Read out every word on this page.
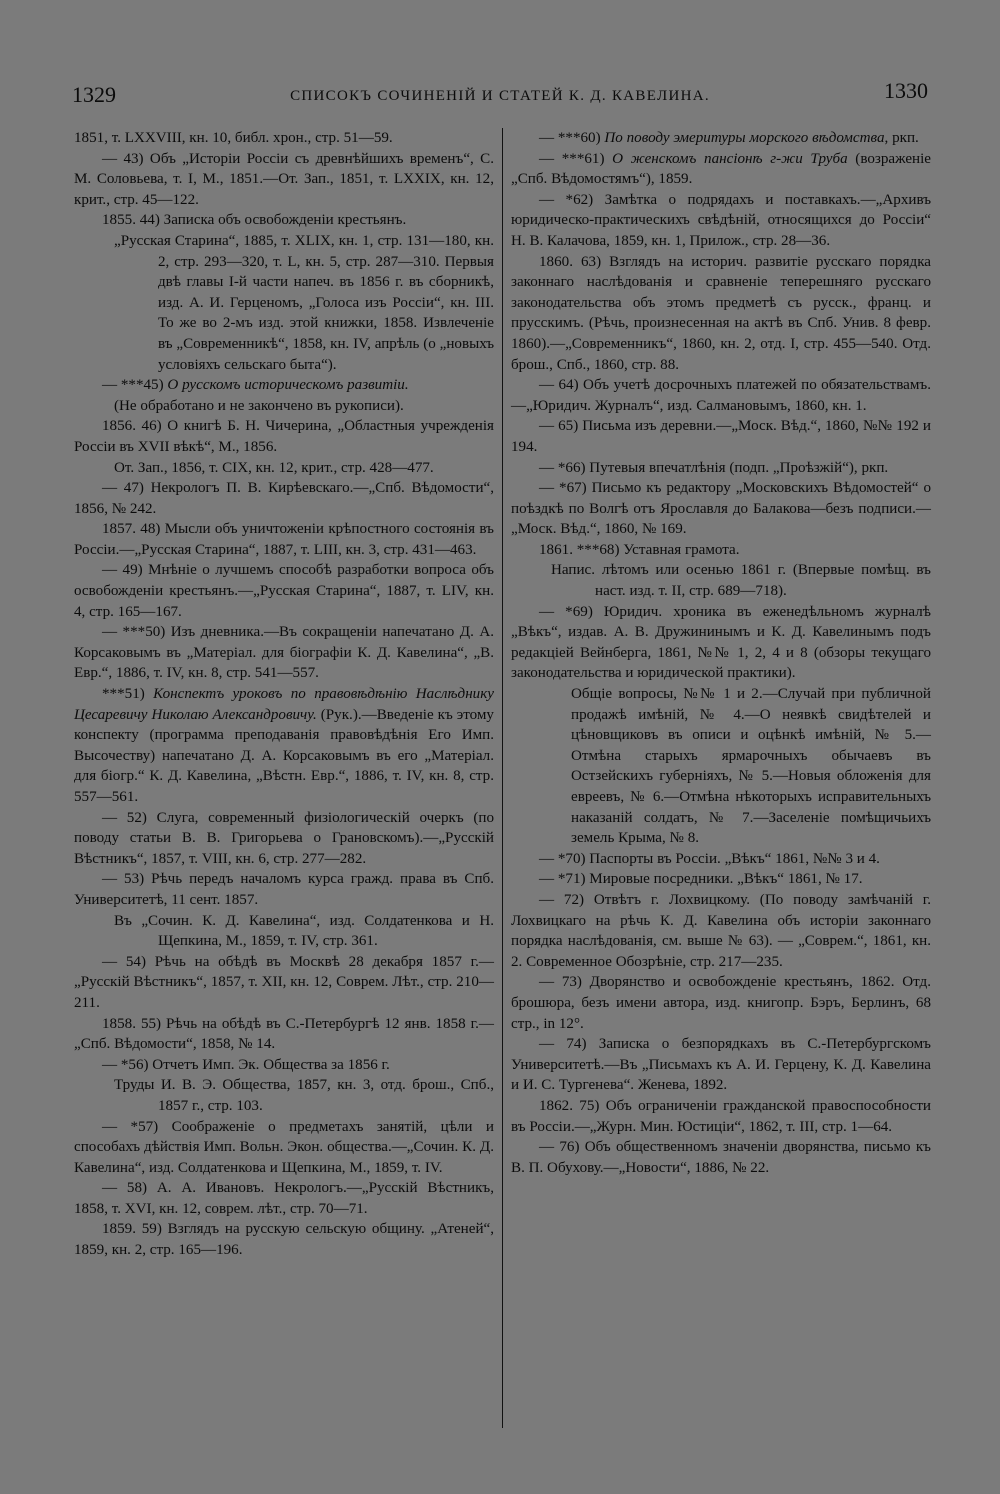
1329	СПИСОКЪ СОЧИНЕНIЙ И СТАТЕЙ К. Д. КАВЕЛИНА.	1330

1851, т. LXXVIII, кн. 10, библ. хрон., стр. 51—59.

— 43) Объ „Исторiи Россiи съ древнѣйшихъ временъ“, С. М. Соловьева, т. I, М., 1851.—От. Зап., 1851, т. LXXIX, кн. 12, крит., стр. 45—122.

1855. 44) Записка объ освобожденiи крестьянъ.

„Русская Старина“, 1885, т. XLIX, кн. 1, стр. 131—180, кн. 2, стр. 293—320, т. L, кн. 5, стр. 287—310. Первыя двѣ главы I-й части напеч. въ 1856 г. въ сборникѣ, изд. А. И. Герценомъ, „Голоса изъ Россiи“, кн. III. То же во 2-мъ изд. этой книжки, 1858. Извлеченiе въ „Современникѣ“, 1858, кн. IV, апрѣль (о „новыхъ условiяхъ сельскаго быта“).

— ***45) О русскомъ историческомъ развитiи.

(Не обработано и не закончено въ рукописи).

1856. 46) О книгѣ Б. Н. Чичерина, „Областныя учрежденiя Россiи въ XVII вѣкѣ“, М., 1856.

От. Зап., 1856, т. CIX, кн. 12, крит., стр. 428—477.

— 47) Некрологъ П. В. Кирѣевскаго.—„Спб. Вѣдомости“, 1856, № 242.

1857. 48) Мысли объ уничтоженiи крѣпостного состоянiя въ Россiи.—„Русская Старина“, 1887, т. LIII, кн. 3, стр. 431—463.

— 49) Мнѣнiе о лучшемъ способѣ разработки вопроса объ освобожденiи крестьянъ.—„Русская Старина“, 1887, т. LIV, кн. 4, стр. 165—167.

— ***50) Изъ дневника.—Въ сокращенiи напечатано Д. А. Корсаковымъ въ „Матерiал. для бiографiи К. Д. Кавелина“, „В. Евр.“, 1886, т. IV, кн. 8, стр. 541—557.

***51) Конспектъ уроковъ по правовѣдѣнiю Наслѣднику Цесаревичу Николаю Александровичу. (Рук.).—Введенiе къ этому конспекту (программа преподаванiя правовѣдѣнiя Его Имп. Высочеству) напечатано Д. А. Корсаковымъ въ его „Матерiал. для бiогр.“ К. Д. Кавелина, „Вѣстн. Евр.“, 1886, т. IV, кн. 8, стр. 557—561.

— 52) Слуга, современный физiологическiй очеркъ (по поводу статьи В. В. Григорьева о Грановскомъ).—„Русскiй Вѣстникъ“, 1857, т. VIII, кн. 6, стр. 277—282.

— 53) Рѣчь передъ началомъ курса гражд. права въ Спб. Университетѣ, 11 сент. 1857.

Въ „Сочин. К. Д. Кавелина“, изд. Солдатенкова и Н. Щепкина, М., 1859, т. IV, стр. 361.

— 54) Рѣчь на обѣдѣ въ Москвѣ 28 декабря 1857 г.—„Русскiй Вѣстникъ“, 1857, т. XII, кн. 12, Соврем. Лѣт., стр. 210—211.

1858. 55) Рѣчь на обѣдѣ въ С.-Петербургѣ 12 янв. 1858 г.—„Спб. Вѣдомости“, 1858, № 14.

— *56) Отчетъ Имп. Эк. Общества за 1856 г.

Труды И. В. Э. Общества, 1857, кн. 3, отд. брош., Спб., 1857 г., стр. 103.

— *57) Соображенiе о предметахъ занятiй, цѣли и способахъ дѣйствiя Имп. Вольн. Экон. общества.—„Сочин. К. Д. Кавелина“, изд. Солдатенкова и Щепкина, М., 1859, т. IV.

— 58) А. А. Ивановъ. Некрологъ.—„Русскiй Вѣстникъ, 1858, т. XVI, кн. 12, соврем. лѣт., стр. 70—71.

1859. 59) Взглядъ на русскую сельскую общину. „Атеней“, 1859, кн. 2, стр. 165—196.

— ***60) По поводу эмеритуры морского вѣдомства, ркп.

— ***61) О женскомъ пансiонѣ г-жи Труба (возраженiе „Спб. Вѣдомостямъ“), 1859.

— *62) Замѣтка о подрядахъ и поставкахъ.—„Архивъ юридическо-практическихъ свѣдѣнiй, относящихся до Россiи“ Н. В. Калачова, 1859, кн. 1, Прилож., стр. 28—36.

1860. 63) Взглядъ на историч. развитiе русскаго порядка законнаго наслѣдованiя и сравненiе теперешняго русскаго законодательства объ этомъ предметѣ съ русск., франц. и прусскимъ. (Рѣчь, произнесенная на актѣ въ Спб. Унив. 8 февр. 1860).—„Современникъ“, 1860, кн. 2, отд. I, стр. 455—540. Отд. брош., Спб., 1860, стр. 88.

— 64) Объ учетѣ досрочныхъ платежей по обязательствамъ.—„Юридич. Журналъ“, изд. Салмановымъ, 1860, кн. 1.

— 65) Письма изъ деревни.—„Моск. Вѣд.“, 1860, №№ 192 и 194.

— *66) Путевыя впечатлѣнiя (подп. „Проѣзжiй“), ркп.

— *67) Письмо къ редактору „Московскихъ Вѣдомостей“ о поѣздкѣ по Волгѣ отъ Ярославля до Балакова—безъ подписи.—„Моск. Вѣд.“, 1860, № 169.

1861. ***68) Уставная грамота.

Напис. лѣтомъ или осенью 1861 г. (Впервые помѣщ. въ наст. изд. т. II, стр. 689—718).

— *69) Юридич. хроника въ еженедѣльномъ журналѣ „Вѣкъ“, издав. А. В. Дружининымъ и К. Д. Кавелинымъ подъ редакцiей Вейнберга, 1861, №№ 1, 2, 4 и 8 (обзоры текущаго законодательства и юридической практики).

Общiе вопросы, №№ 1 и 2.—Случай при публичной продажѣ имѣнiй, № 4.—О неявкѣ свидѣтелей и цѣновщиковъ въ описи и оцѣнкѣ имѣнiй, № 5.—Отмѣна старыхъ ярмарочныхъ обычаевъ въ Остзейскихъ губернiяхъ, № 5.—Новыя обложенiя для евреевъ, № 6.—Отмѣна нѣкоторыхъ исправительныхъ наказанiй солдатъ, № 7.—Заселенiе помѣщичьихъ земель Крыма, № 8.

— *70) Паспорты въ Россiи. „Вѣкъ“ 1861, №№ 3 и 4.

— *71) Мировые посредники. „Вѣкъ“ 1861, № 17.

— 72) Отвѣтъ г. Лохвицкому. (По поводу замѣчанiй г. Лохвицкаго на рѣчь К. Д. Кавелина объ исторiи законнаго порядка наслѣдованiя, см. выше № 63). — „Соврем.“, 1861, кн. 2. Современное Обозрѣнiе, стр. 217—235.

— 73) Дворянство и освобожденiе крестьянъ, 1862. Отд. брошюра, безъ имени автора, изд. книгопр. Бэръ, Берлинъ, 68 стр., in 12°.

— 74) Записка о безпорядкахъ въ С.-Петербургскомъ Университетѣ.—Въ „Письмахъ къ А. И. Герцену, К. Д. Кавелина и И. С. Тургенева“. Женева, 1892.

1862. 75) Объ ограниченiи гражданской правоспособности въ Россiи.—„Журн. Мин. Юстицiи“, 1862, т. III, стр. 1—64.

— 76) Объ общественномъ значенiи дворянства, письмо къ В. П. Обухову.—„Новости“, 1886, № 22.
